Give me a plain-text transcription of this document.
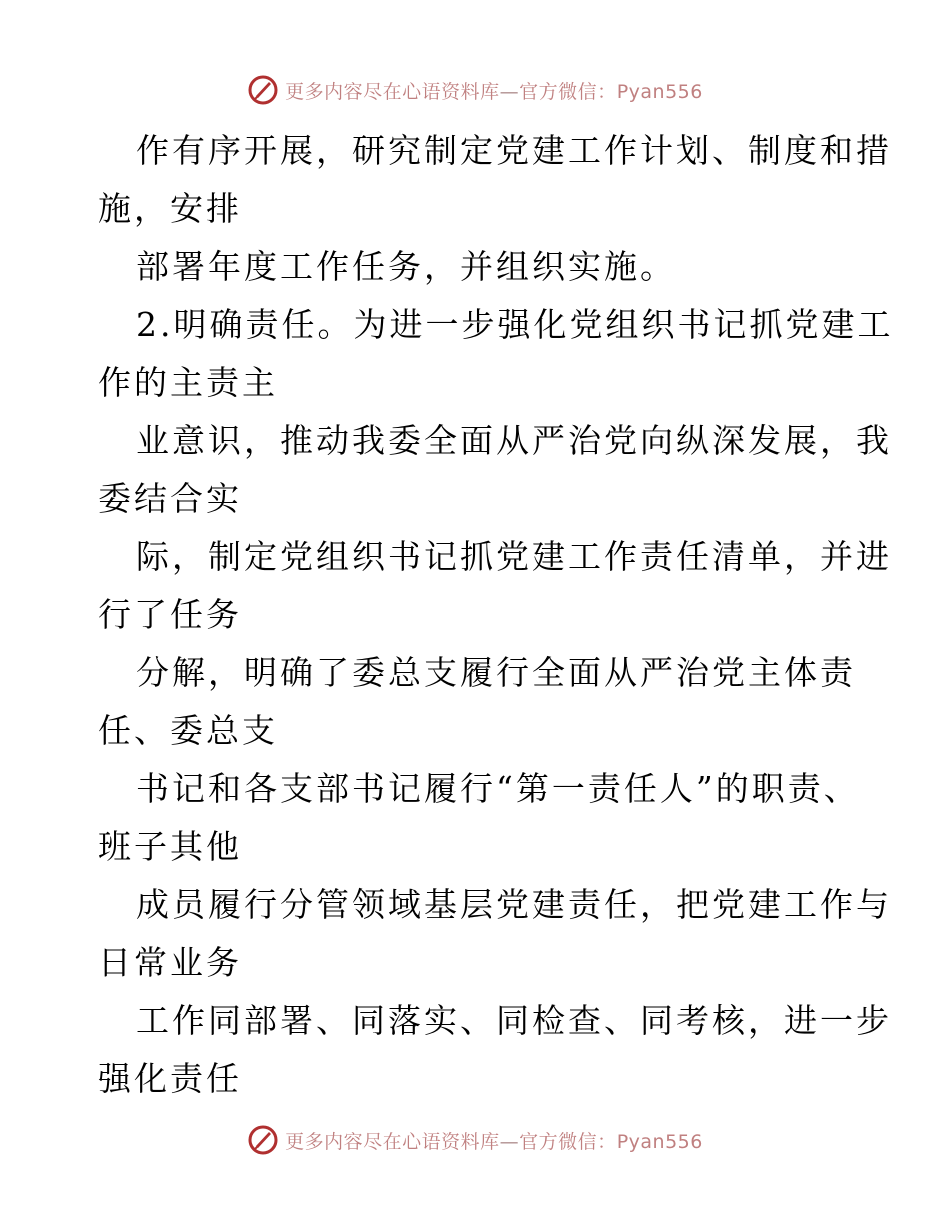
更多内容尽在心语资料库—官方微信：Pyan556
作有序开展，研究制定党建工作计划、制度和措
施，安排
部署年度工作任务，并组织实施。
2.明确责任。为进一步强化党组织书记抓党建工
作的主责主
业意识，推动我委全面从严治党向纵深发展，我
委结合实
际，制定党组织书记抓党建工作责任清单，并进
行了任务
分解，明确了委总支履行全面从严治党主体责
任、委总支
书记和各支部书记履行“第一责任人”的职责、
班子其他
成员履行分管领域基层党建责任，把党建工作与
日常业务
工作同部署、同落实、同检查、同考核，进一步
强化责任
更多内容尽在心语资料库—官方微信：Pyan556
